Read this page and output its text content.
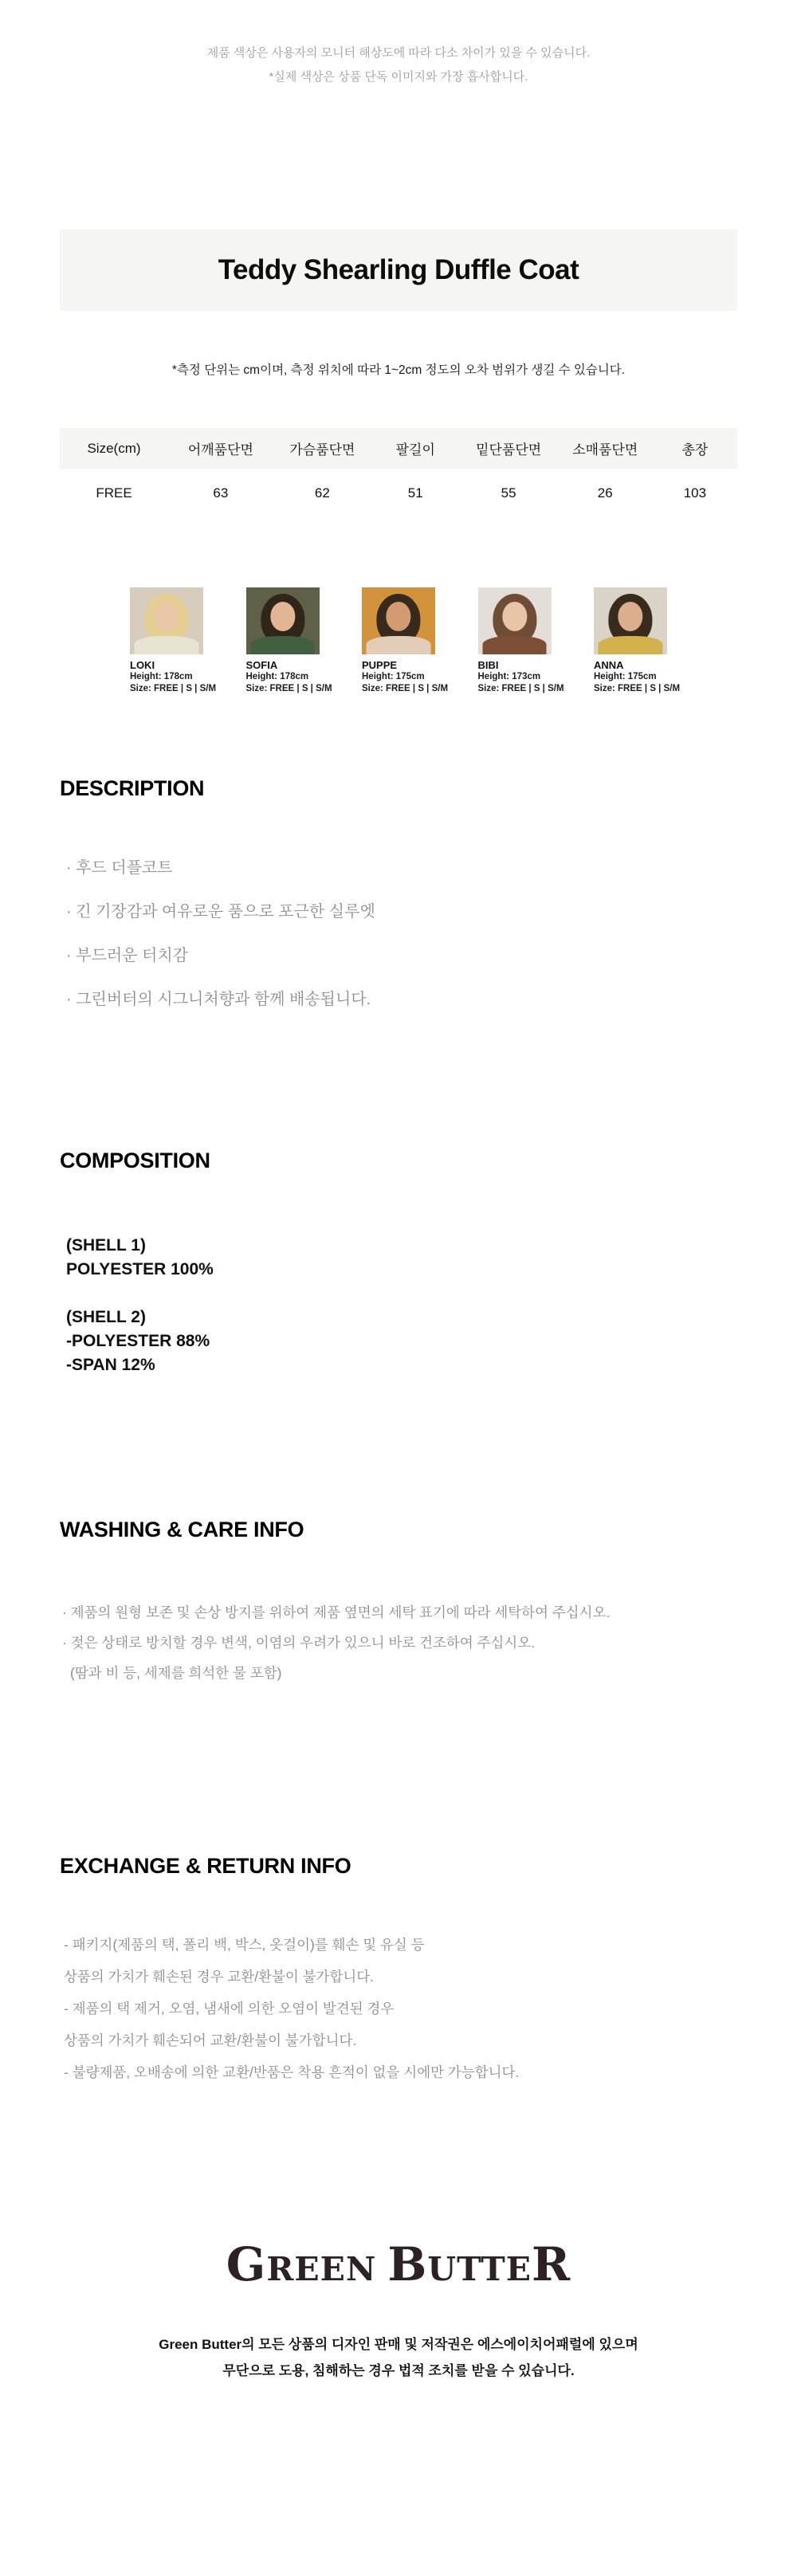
제품 색상은 사용자의 모니터 해상도에 따라 다소 차이가 있을 수 있습니다.
*실제 색상은 상품 단독 이미지와 가장 흡사합니다.
Teddy Shearling Duffle Coat
*측정 단위는 cm이며, 측정 위치에 따라 1~2cm 정도의 오차 범위가 생길 수 있습니다.
Size(cm)	어깨품단면	가슴품단면	팔길이	밑단품단면	소매품단면	총장
FREE	63	62	51	55	26	103
LOKI
Height: 178cm
Size: FREE | S | S/M
SOFIA
Height: 178cm
Size: FREE | S | S/M
PUPPE
Height: 175cm
Size: FREE | S | S/M
BIBI
Height: 173cm
Size: FREE | S | S/M
ANNA
Height: 175cm
Size: FREE | S | S/M
DESCRIPTION

· 후드 더플코트

· 긴 기장감과 여유로운 품으로 포근한 실루엣

· 부드러운 터치감

· 그린버터의 시그니처향과 함께 배송됩니다.

COMPOSITION

(SHELL 1)

POLYESTER 100%

(SHELL 2)

-POLYESTER 88%

-SPAN 12%

WASHING & CARE INFO

· 제품의 원형 보존 및 손상 방지를 위하여 제품 옆면의 세탁 표기에 따라 세탁하여 주십시오.

· 젖은 상태로 방치할 경우 변색, 이염의 우려가 있으니 바로 건조하여 주십시오.

(땀과 비 등, 세제를 희석한 물 포함)

EXCHANGE & RETURN INFO

- 패키지(제품의 택, 폴리 백, 박스, 옷걸이)를 훼손 및 유실 등

상품의 가치가 훼손된 경우 교환/환불이 불가합니다.

- 제품의 택 제거, 오염, 냄새에 의한 오염이 발견된 경우

상품의 가치가 훼손되어 교환/환불이 불가합니다.

- 불량제품, 오배송에 의한 교환/반품은 착용 흔적이 없을 시에만 가능합니다.

GREEN BUTTER
Green Butter의 모든 상품의 디자인 판매 및 저작권은 에스에이치어패럴에 있으며
무단으로 도용, 침해하는 경우 법적 조치를 받을 수 있습니다.
